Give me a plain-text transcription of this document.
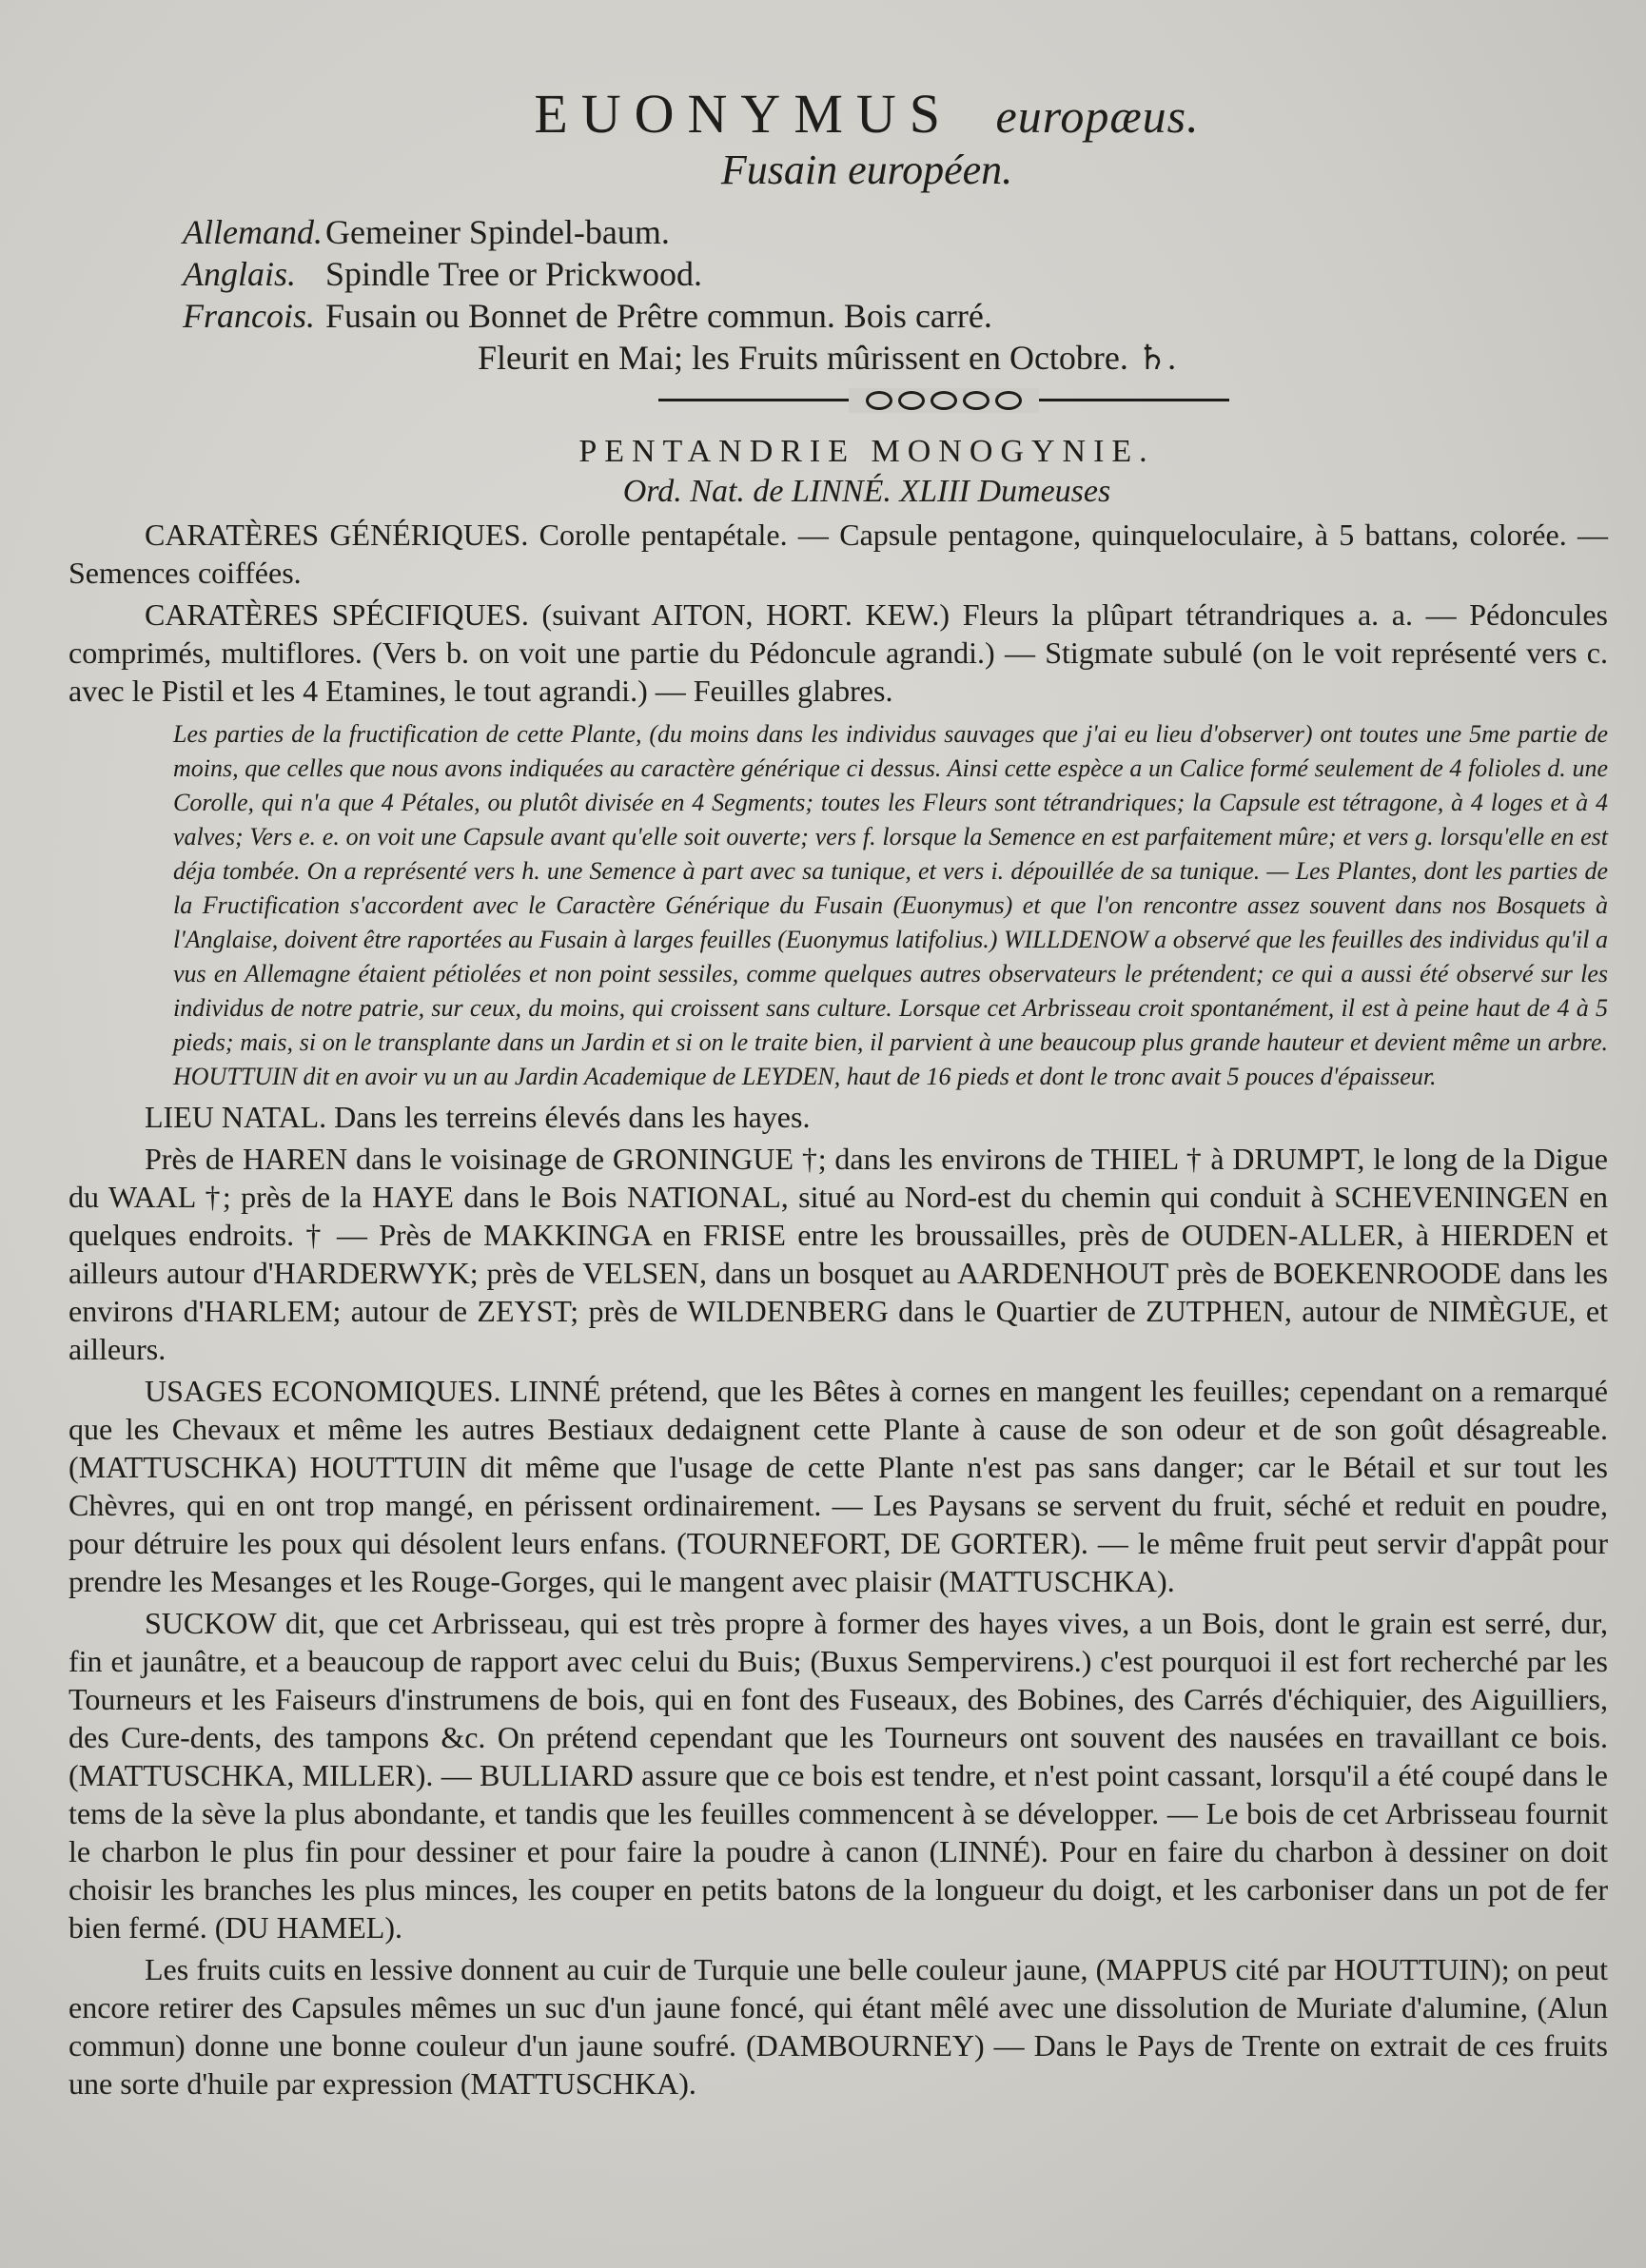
EUONYMUS europæus.
Fusain européen.
Allemand. Gemeiner Spindel-baum.
Anglais. Spindle Tree or Prickwood.
Francois. Fusain ou Bonnet de Prêtre commun. Bois carré.
Fleurit en Mai; les Fruits mûrissent en Octobre. ♄.
PENTANDRIE MONOGYNIE.
Ord. Nat. de LINNÉ. XLIII Dumeuses

CARATÈRES GÉNÉRIQUES. Corolle pentapétale. — Capsule pentagone, quinqueloculaire, à 5 battans, colorée. — Semences coiffées.

CARATÈRES SPÉCIFIQUES. (suivant AITON, HORT. KEW.) Fleurs la plûpart tétrandriques a. a. — Pédoncules comprimés, multiflores. (Vers b. on voit une partie du Pédoncule agrandi.) — Stigmate subulé (on le voit représenté vers c. avec le Pistil et les 4 Etamines, le tout agrandi.) — Feuilles glabres.

Les parties de la fructification de cette Plante, (du moins dans les individus sauvages que j'ai eu lieu d'observer) ont toutes une 5me partie de moins, que celles que nous avons indiquées au caractère générique ci dessus. Ainsi cette espèce a un Calice formé seulement de 4 folioles d. une Corolle, qui n'a que 4 Pétales, ou plutôt divisée en 4 Segments; toutes les Fleurs sont tétrandriques; la Capsule est tétragone, à 4 loges et à 4 valves; Vers e. e. on voit une Capsule avant qu'elle soit ouverte; vers f. lorsque la Semence en est parfaitement mûre; et vers g. lorsqu'elle en est déja tombée. On a représenté vers h. une Semence à part avec sa tunique, et vers i. dépouillée de sa tunique. — Les Plantes, dont les parties de la Fructification s'accordent avec le Caractère Générique du Fusain (Euonymus) et que l'on rencontre assez souvent dans nos Bosquets à l'Anglaise, doivent être raportées au Fusain à larges feuilles (Euonymus latifolius.) WILLDENOW a observé que les feuilles des individus qu'il a vus en Allemagne étaient pétiolées et non point sessiles, comme quelques autres observateurs le prétendent; ce qui a aussi été observé sur les individus de notre patrie, sur ceux, du moins, qui croissent sans culture. Lorsque cet Arbrisseau croit spontanément, il est à peine haut de 4 à 5 pieds; mais, si on le transplante dans un Jardin et si on le traite bien, il parvient à une beaucoup plus grande hauteur et devient même un arbre. HOUTTUIN dit en avoir vu un au Jardin Academique de LEYDEN, haut de 16 pieds et dont le tronc avait 5 pouces d'épaisseur.

LIEU NATAL. Dans les terreins élevés dans les hayes.

Près de HAREN dans le voisinage de GRONINGUE †; dans les environs de THIEL † à DRUMPT, le long de la Digue du WAAL †; près de la HAYE dans le Bois NATIONAL, situé au Nord-est du chemin qui conduit à SCHEVENINGEN en quelques endroits. † — Près de MAKKINGA en FRISE entre les broussailles, près de OUDEN-ALLER, à HIERDEN et ailleurs autour d'HARDERWYK; près de VELSEN, dans un bosquet au AARDENHOUT près de BOEKENROODE dans les environs d'HARLEM; autour de ZEYST; près de WILDENBERG dans le Quartier de ZUTPHEN, autour de NIMÈGUE, et ailleurs.

USAGES ECONOMIQUES. LINNÉ prétend, que les Bêtes à cornes en mangent les feuilles; cependant on a remarqué que les Chevaux et même les autres Bestiaux dedaignent cette Plante à cause de son odeur et de son goût désagreable. (MATTUSCHKA) HOUTTUIN dit même que l'usage de cette Plante n'est pas sans danger; car le Bétail et sur tout les Chèvres, qui en ont trop mangé, en périssent ordinairement. — Les Paysans se servent du fruit, séché et reduit en poudre, pour détruire les poux qui désolent leurs enfans. (TOURNEFORT, DE GORTER). — le même fruit peut servir d'appât pour prendre les Mesanges et les Rouge-Gorges, qui le mangent avec plaisir (MATTUSCHKA).

SUCKOW dit, que cet Arbrisseau, qui est très propre à former des hayes vives, a un Bois, dont le grain est serré, dur, fin et jaunâtre, et a beaucoup de rapport avec celui du Buis; (Buxus Sempervirens.) c'est pourquoi il est fort recherché par les Tourneurs et les Faiseurs d'instrumens de bois, qui en font des Fuseaux, des Bobines, des Carrés d'échiquier, des Aiguilliers, des Cure-dents, des tampons &c. On prétend cependant que les Tourneurs ont souvent des nausées en travaillant ce bois. (MATTUSCHKA, MILLER). — BULLIARD assure que ce bois est tendre, et n'est point cassant, lorsqu'il a été coupé dans le tems de la sève la plus abondante, et tandis que les feuilles commencent à se développer. — Le bois de cet Arbrisseau fournit le charbon le plus fin pour dessiner et pour faire la poudre à canon (LINNÉ). Pour en faire du charbon à dessiner on doit choisir les branches les plus minces, les couper en petits batons de la longueur du doigt, et les carboniser dans un pot de fer bien fermé. (DU HAMEL).

Les fruits cuits en lessive donnent au cuir de Turquie une belle couleur jaune, (MAPPUS cité par HOUTTUIN); on peut encore retirer des Capsules mêmes un suc d'un jaune foncé, qui étant mêlé avec une dissolution de Muriate d'alumine, (Alun commun) donne une bonne couleur d'un jaune soufré. (DAMBOURNEY) — Dans le Pays de Trente on extrait de ces fruits une sorte d'huile par expression (MATTUSCHKA).
